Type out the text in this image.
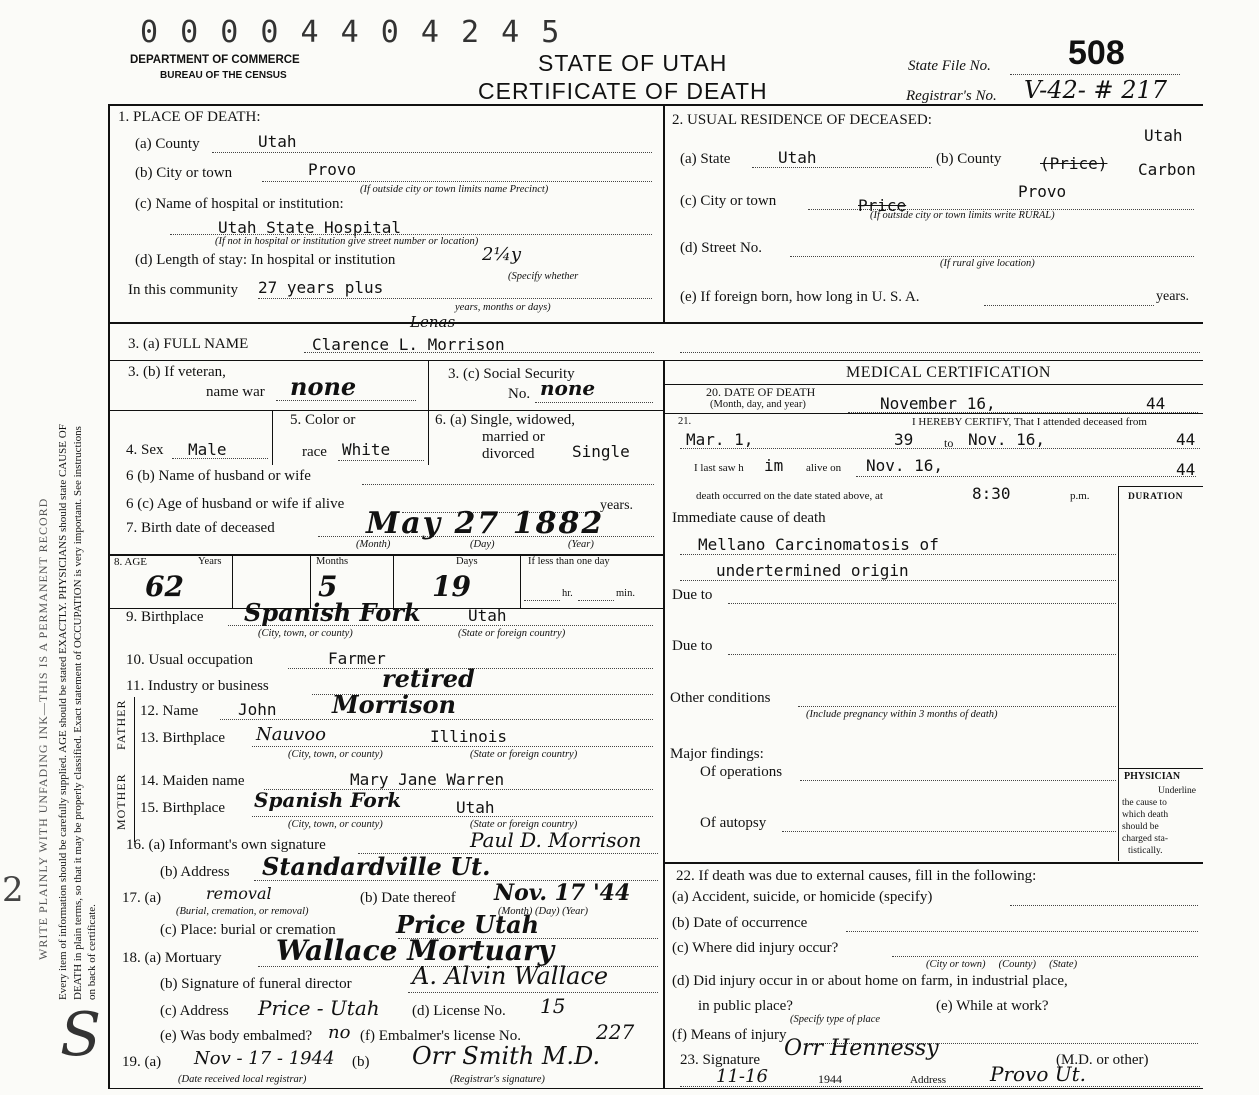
0 0 0 0 4 4 0 4 2 4 5
DEPARTMENT OF COMMERCE
BUREAU OF THE CENSUS	STATE OF UTAH
CERTIFICATE OF DEATH
State File No. 508
Registrar's No. V-42- # 217
Every item of information should be carefully supplied. AGE should be stated EXACTLY. PHYSICIANS should state CAUSE OF DEATH in plain terms, so that it may be properly classified. Exact statement of OCCUPATION is very important. See instructions on back of certificate.
WRITE PLAINLY WITH UNFADING INK—THIS IS A PERMANENT RECORD
2
S
1. PLACE OF DEATH:
(a) County	Utah
(b) City or town	Provo
(If outside city or town limits name Precinct)
(c) Name of hospital or institution:
Utah State Hospital
(If not in hospital or institution give street number or location)
(d) Length of stay: In hospital or institution	2¼y
(Specify whether
In this community 27 years plus
years, months or days)
2. USUAL RESIDENCE OF DECEASED:
Utah
(a) State	Utah	(b) County (Price) Carbon
(c) City or town	Provo
Price
(If outside city or town limits write RURAL)
(d) Street No.
(If rural give location)
(e) If foreign born, how long in U. S. A.	years.
3. (a) FULL NAME	Clarence L. Morrison
Lenas
3. (b) If veteran,
name war none	3. (c) Social Security
No. none
4. Sex Male
5. Color or
race White
6. (a) Single, widowed,
married or
divorced Single
6 (b) Name of husband or wife
6 (c) Age of husband or wife if alive	years.
7. Birth date of deceased	May 27 1882
(Month)	(Day)	(Year)
8. AGE	Years	Months	Days	If less than one day
62	5	19	hr.	min.
9. Birthplace Spanish Fork	Utah
(City, town, or county)	(State or foreign country)
10. Usual occupation	Farmer
11. Industry or business	retired
FATHER 12. Name John Morrison
13. Birthplace Nauvoo	Illinois
(City, town, or county)	(State or foreign country)
MOTHER 14. Maiden name	Mary Jane Warren
15. Birthplace Spanish Fork	Utah
(City, town, or county)	(State or foreign country)
16. (a) Informant's own signature	Paul D. Morrison
(b) Address Standardville Ut.
17. (a)	removal
(Burial, cremation, or removal)
(b) Date thereof Nov. 17 '44
(Month) (Day) (Year)
(c) Place: burial or cremation	Price Utah
18. (a) Mortuary Wallace Mortuary
(b) Signature of funeral director	A. Alvin Wallace
(c) Address Price - Utah (d) License No. 15
(e) Was body embalmed? no (f) Embalmer's license No.	227
19. (a) Nov - 17 - 1944
(Date received local registrar)
(b) Orr Smith M.D.
(Registrar's signature)
MEDICAL CERTIFICATION
20. DATE OF DEATH
(Month, day, and year)	November 16,	44
21.	I HEREBY CERTIFY, That I attended deceased from
Mar. 1,	39	to Nov. 16,	44
I last saw h im alive on Nov. 16,	44
death occurred on the date stated above, at	8:30	p.m.	DURATION
Immediate cause of death
Mellano Carcinomatosis of
undertermined origin
Due to
Due to
Other conditions
(Include pregnancy within 3 months of death)
Major findings:
Of operations
Of autopsy
PHYSICIAN
Underline
the cause to
which death
should be
charged sta-
tistically.
22. If death was due to external causes, fill in the following:
(a) Accident, suicide, or homicide (specify)
(b) Date of occurrence
(c) Where did injury occur?
(City or town)     (County)     (State)
(d) Did injury occur in or about home on farm, in industrial place,
in public place?	(e) While at work?
(Specify type of place
(f) Means of injury
23. Signature Orr Hennessy	(M.D. or other)
11-16	1944	Address Provo Ut.
